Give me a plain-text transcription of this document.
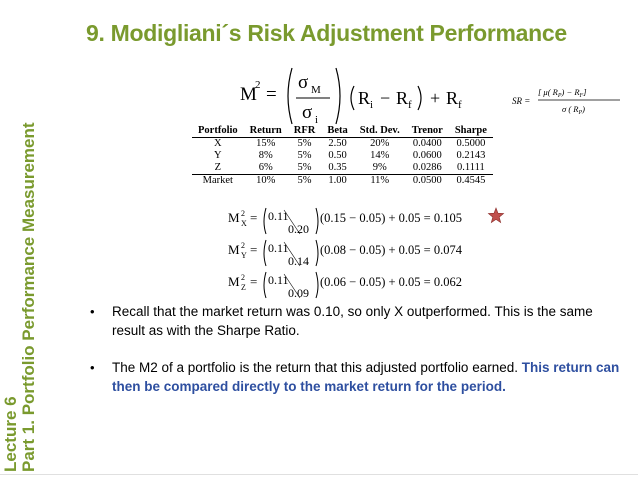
Lecture 6 Part 1. Portfolio Performance Measurement
9. Modigliani´s Risk Adjustment Performance
M
2 =
σ M
σ i
R i − R f + R f	SR =
[ μ( $R_P) - R_F$]
σ ( $R_P$)
Portfolio	Return	RFR	Beta	Std. Dev.	Trenor	Sharpe
X	15%	5%	2.50	20%	0.0400	0.5000
Y	8%	5%	0.50	14%	0.0600	0.2143
Z	6%	5%	0.35	9%	0.0286	0.1111
Market	10%	5%	1.00	11%	0.0500	0.4545
M 2
X = 0.11
0.20
(0.15 − 0.05) + 0.05 = 0.105
M 2
Y = 0.11
0.14
(0.08 − 0.05) + 0.05 = 0.074
M 2
Z = 0.11
0.09
(0.06 − 0.05) + 0.05 = 0.062
•	Recall that the market return was 0.10, so only X outperformed. This is the same result as with the Sharpe Ratio.
•	The M2 of a portfolio is the return that this adjusted portfolio earned. This return can then be compared directly to the market return for the period.
